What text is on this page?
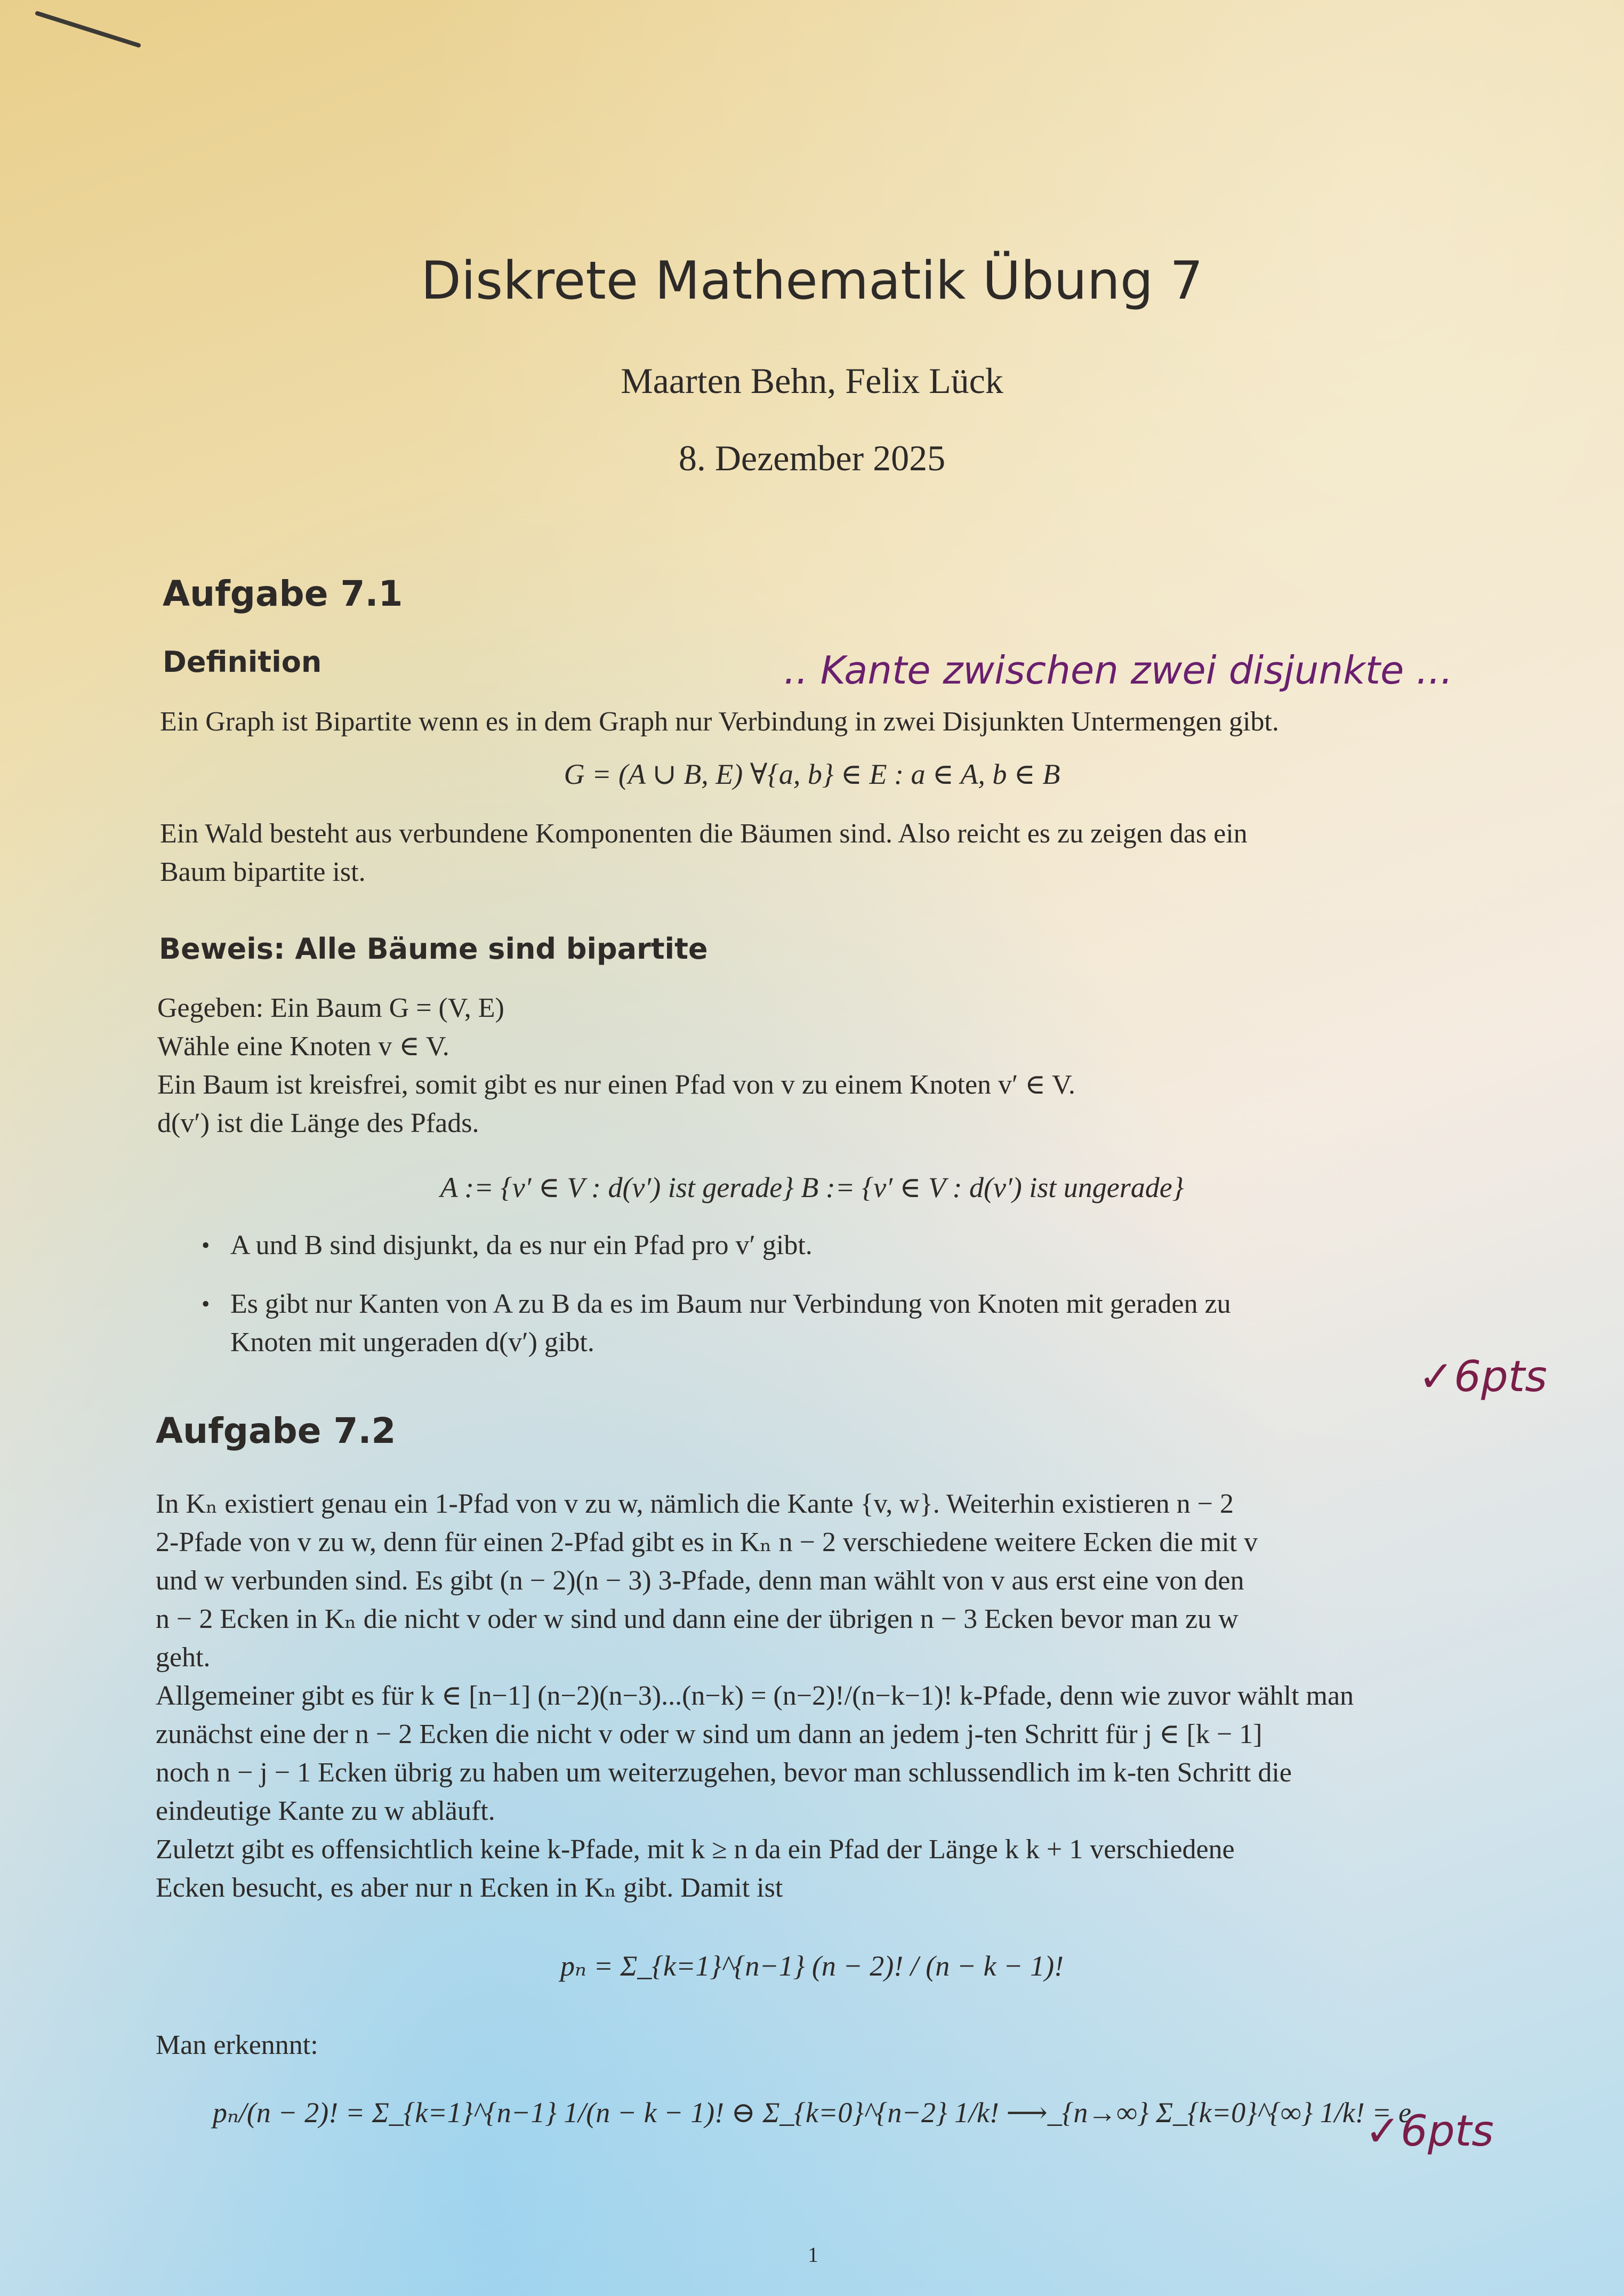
Diskrete Mathematik Übung 7
Maarten Behn, Felix Lück
8. Dezember 2025
Aufgabe 7.1
Definition	.. Kante zwischen zwei disjunkte ...
Ein Graph ist Bipartite wenn es in dem Graph nur Verbindung in zwei Disjunkten Untermengen gibt.
G = (A ∪ B, E) ∀{a, b} ∈ E : a ∈ A, b ∈ B
Ein Wald besteht aus verbundene Komponenten die Bäumen sind. Also reicht es zu zeigen das ein
Baum bipartite ist.
Beweis: Alle Bäume sind bipartite
Gegeben: Ein Baum G = (V, E)
Wähle eine Knoten v ∈ V.
Ein Baum ist kreisfrei, somit gibt es nur einen Pfad von v zu einem Knoten v′ ∈ V.
d(v′) ist die Länge des Pfads.
A := {v′ ∈ V : d(v′) ist gerade} B := {v′ ∈ V : d(v′) ist ungerade}
• A und B sind disjunkt, da es nur ein Pfad pro v′ gibt.
• Es gibt nur Kanten von A zu B da es im Baum nur Verbindung von Knoten mit geraden zu
Knoten mit ungeraden d(v′) gibt.
✓6pts
Aufgabe 7.2
In Kₙ existiert genau ein 1-Pfad von v zu w, nämlich die Kante {v, w}. Weiterhin existieren n − 2
2-Pfade von v zu w, denn für einen 2-Pfad gibt es in Kₙ n − 2 verschiedene weitere Ecken die mit v
und w verbunden sind. Es gibt (n − 2)(n − 3) 3-Pfade, denn man wählt von v aus erst eine von den
n − 2 Ecken in Kₙ die nicht v oder w sind und dann eine der übrigen n − 3 Ecken bevor man zu w
geht.
Allgemeiner gibt es für k ∈ [n−1] (n−2)(n−3)...(n−k) = (n−2)!/(n−k−1)! k-Pfade, denn wie zuvor wählt man
zunächst eine der n − 2 Ecken die nicht v oder w sind um dann an jedem j-ten Schritt für j ∈ [k − 1]
noch n − j − 1 Ecken übrig zu haben um weiterzugehen, bevor man schlussendlich im k-ten Schritt die
eindeutige Kante zu w abläuft.
Zuletzt gibt es offensichtlich keine k-Pfade, mit k ≥ n da ein Pfad der Länge k k + 1 verschiedene
Ecken besucht, es aber nur n Ecken in Kₙ gibt. Damit ist
pₙ = Σ_{k=1}^{n−1} (n − 2)! / (n − k − 1)!
Man erkennnt:
pₙ/(n − 2)! = Σ_{k=1}^{n−1} 1/(n − k − 1)! ⊖ Σ_{k=0}^{n−2} 1/k! ⟶_{n→∞} Σ_{k=0}^{∞} 1/k! = e
✓6pts
1
